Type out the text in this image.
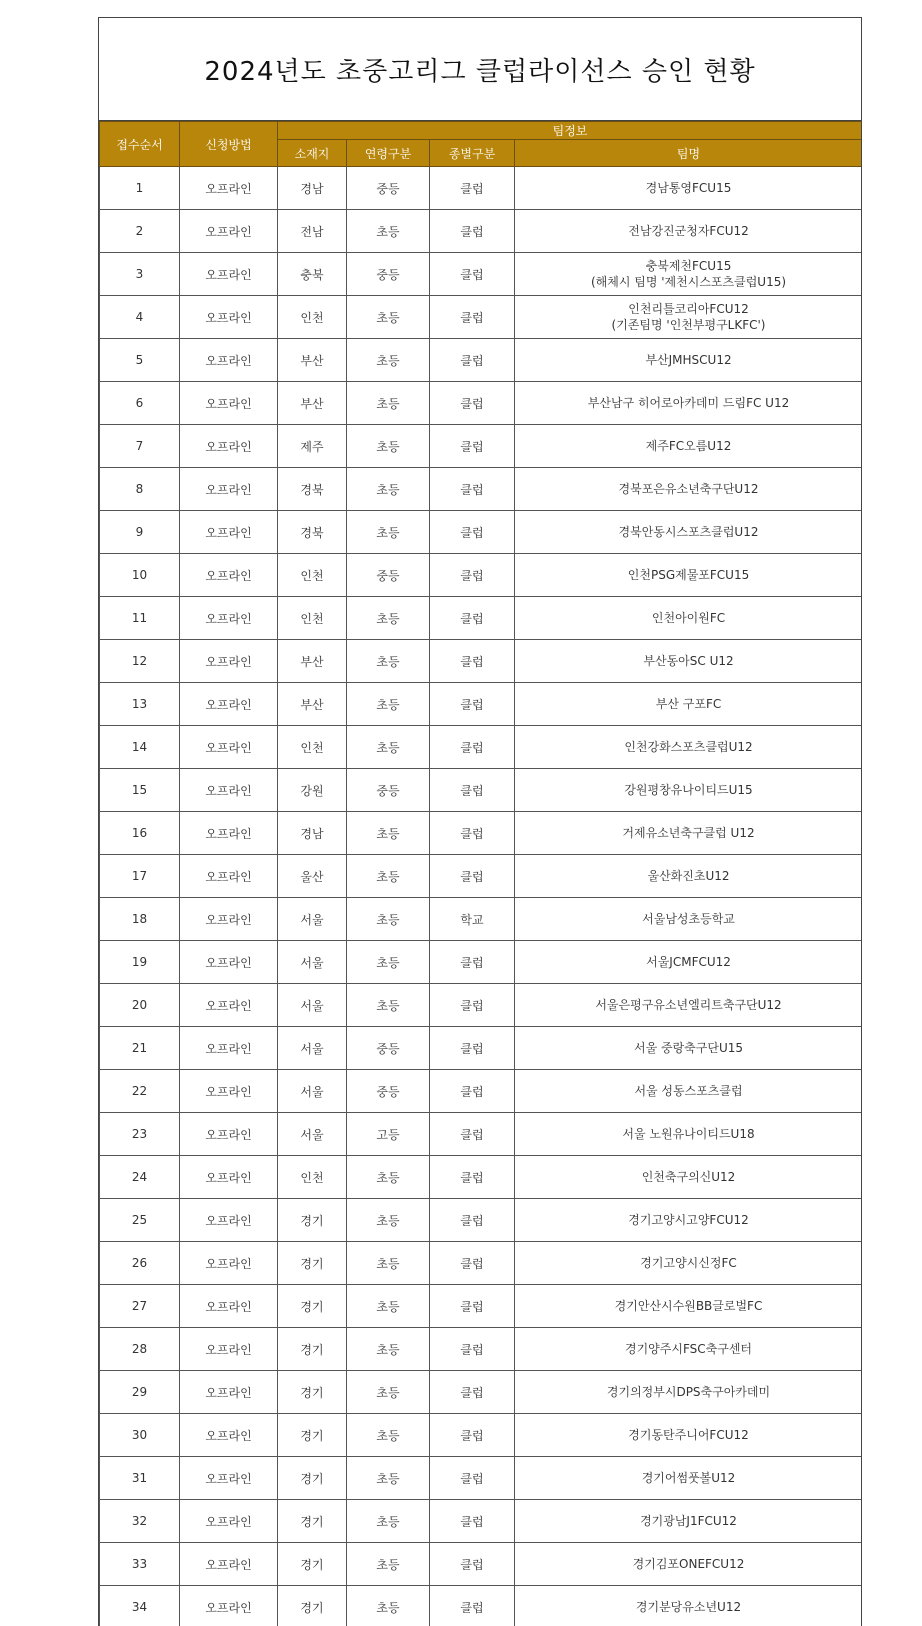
2024년도 초중고리그 클럽라이선스 승인 현황
접수순서	신청방법	팀정보			
		소재지	연령구분	종별구분	팀명
1	오프라인	경남	중등	클럽	경남통영FCU15

2	오프라인	전남	초등	클럽	전남강진군청자FCU12

3	오프라인	충북	중등	클럽	충북제천FCU15
(해체시 팀명 '제천시스포츠클럽U15)

4	오프라인	인천	초등	클럽	인천리틀코리아FCU12
(기존팀명 '인천부평구LKFC')

5	오프라인	부산	초등	클럽	부산JMHSCU12

6	오프라인	부산	초등	클럽	부산남구 히어로아카데미 드림FC U12

7	오프라인	제주	초등	클럽	제주FC오름U12

8	오프라인	경북	초등	클럽	경북포은유소년축구단U12

9	오프라인	경북	초등	클럽	경북안동시스포츠클럽U12

10	오프라인	인천	중등	클럽	인천PSG제물포FCU15

11	오프라인	인천	초등	클럽	인천아이원FC

12	오프라인	부산	초등	클럽	부산동아SC U12

13	오프라인	부산	초등	클럽	부산 구포FC

14	오프라인	인천	초등	클럽	인천강화스포츠클럽U12

15	오프라인	강원	중등	클럽	강원평창유나이티드U15

16	오프라인	경남	초등	클럽	거제유소년축구클럽 U12

17	오프라인	울산	초등	클럽	울산화진초U12

18	오프라인	서울	초등	학교	서울남성초등학교

19	오프라인	서울	초등	클럽	서울JCMFCU12

20	오프라인	서울	초등	클럽	서울은평구유소년엘리트축구단U12

21	오프라인	서울	중등	클럽	서울 중랑축구단U15

22	오프라인	서울	중등	클럽	서울 성동스포츠클럽

23	오프라인	서울	고등	클럽	서울 노원유나이티드U18

24	오프라인	인천	초등	클럽	인천축구의신U12

25	오프라인	경기	초등	클럽	경기고양시고양FCU12

26	오프라인	경기	초등	클럽	경기고양시신정FC

27	오프라인	경기	초등	클럽	경기안산시수원BB글로벌FC

28	오프라인	경기	초등	클럽	경기양주시FSC축구센터

29	오프라인	경기	초등	클럽	경기의정부시DPS축구아카데미

30	오프라인	경기	초등	클럽	경기동탄주니어FCU12

31	오프라인	경기	초등	클럽	경기어썸풋볼U12

32	오프라인	경기	초등	클럽	경기광남J1FCU12

33	오프라인	경기	초등	클럽	경기김포ONEFCU12

34	오프라인	경기	초등	클럽	경기분당유소년U12
